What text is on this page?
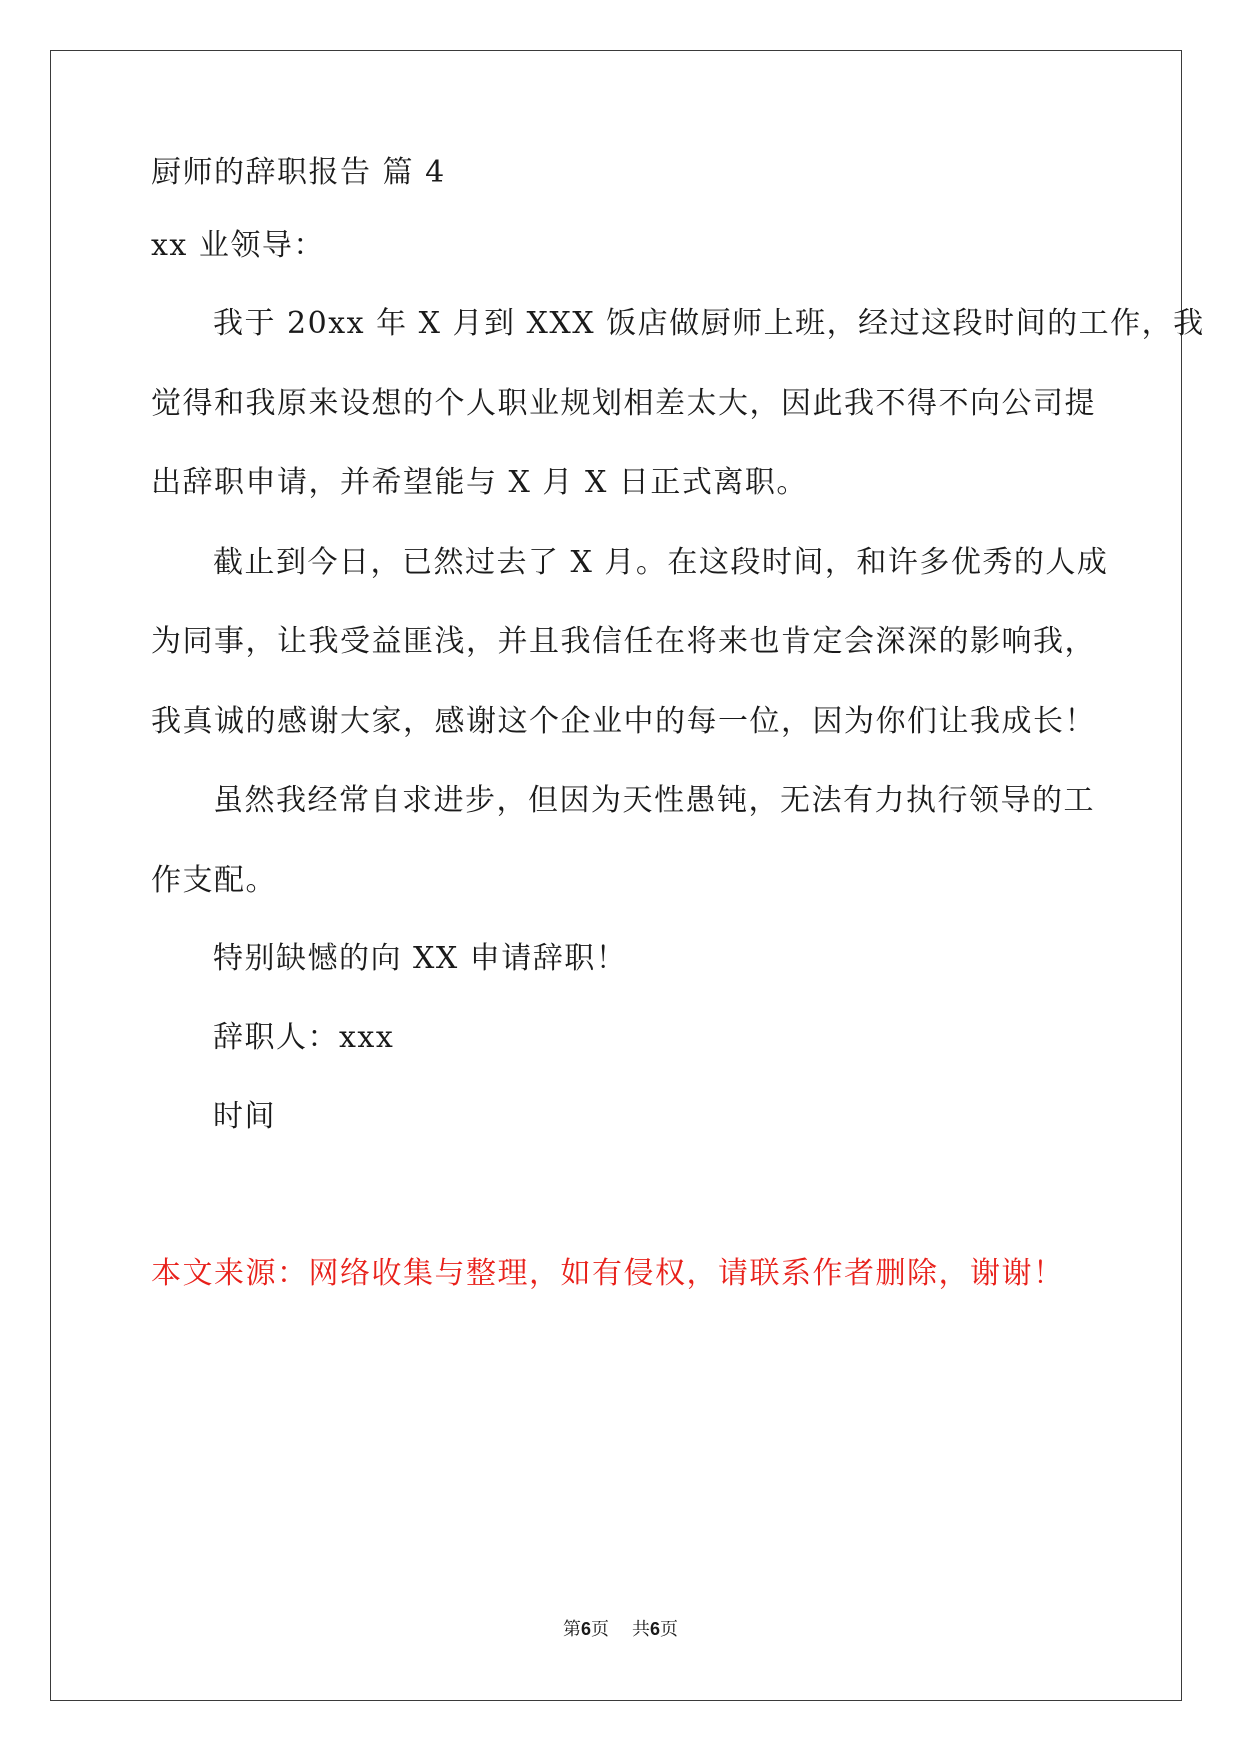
厨师的辞职报告 篇 4
xx 业领导：
我于 20xx 年 X 月到 XXX 饭店做厨师上班，经过这段时间的工作，我
觉得和我原来设想的个人职业规划相差太大，因此我不得不向公司提
出辞职申请，并希望能与 X 月 X 日正式离职。
截止到今日，已然过去了 X 月。在这段时间，和许多优秀的人成
为同事，让我受益匪浅，并且我信任在将来也肯定会深深的影响我，
我真诚的感谢大家，感谢这个企业中的每一位，因为你们让我成长！
虽然我经常自求进步，但因为天性愚钝，无法有力执行领导的工
作支配。
特别缺憾的向 XX 申请辞职！
辞职人：xxx
时间
本文来源：网络收集与整理，如有侵权，请联系作者删除，谢谢！
第6页 共6页
